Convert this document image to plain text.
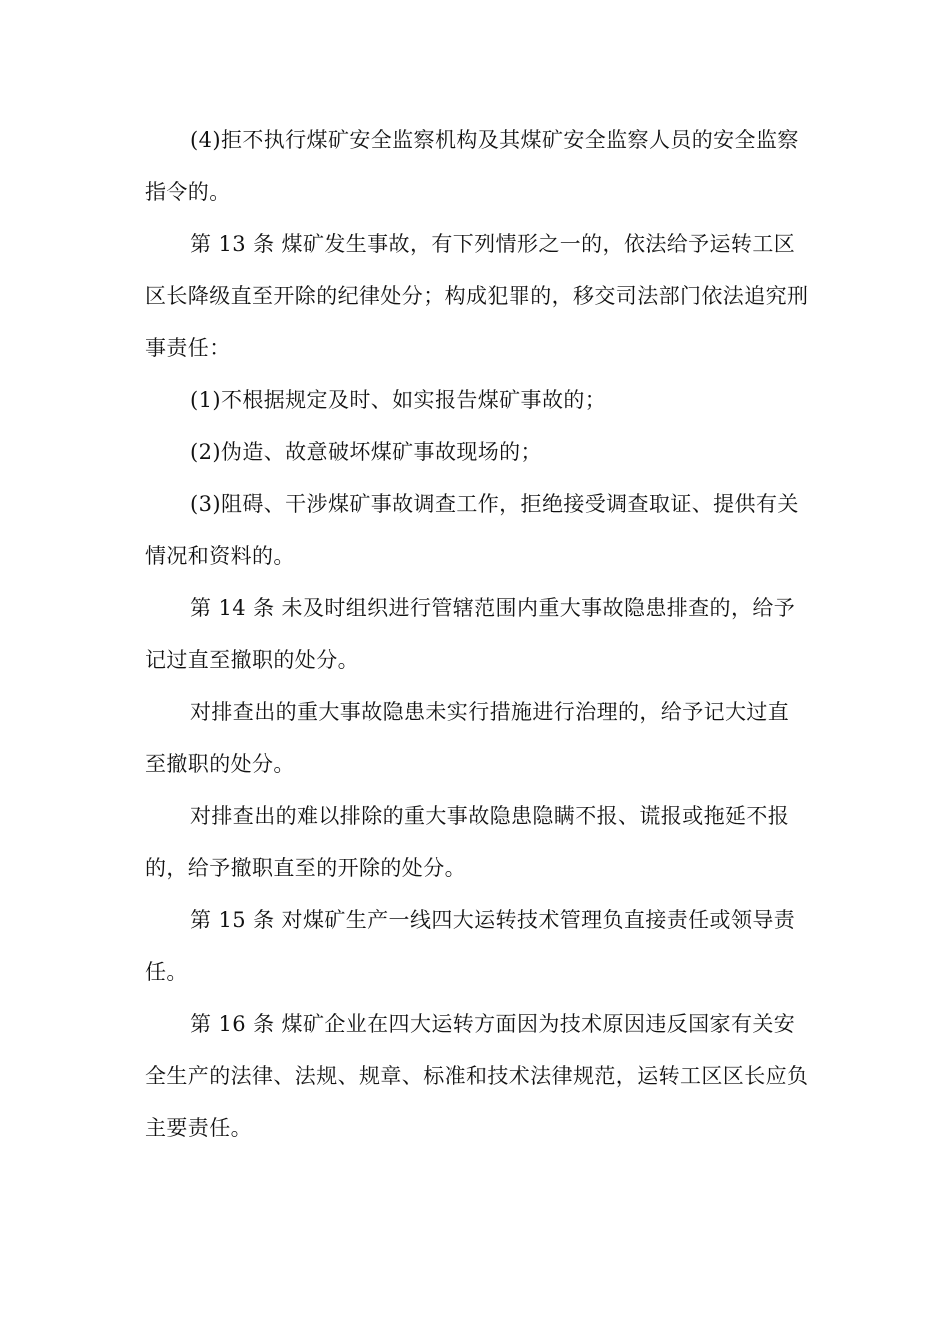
(4)拒不执行煤矿安全监察机构及其煤矿安全监察人员的安全监察指令的。

第 13 条 煤矿发生事故，有下列情形之一的，依法给予运转工区区长降级直至开除的纪律处分；构成犯罪的，移交司法部门依法追究刑事责任：

(1)不根据规定及时、如实报告煤矿事故的；

(2)伪造、故意破坏煤矿事故现场的；

(3)阻碍、干涉煤矿事故调查工作，拒绝接受调查取证、提供有关情况和资料的。

第 14 条 未及时组织进行管辖范围内重大事故隐患排查的，给予记过直至撤职的处分。

对排查出的重大事故隐患未实行措施进行治理的，给予记大过直至撤职的处分。

对排查出的难以排除的重大事故隐患隐瞒不报、谎报或拖延不报的，给予撤职直至的开除的处分。

第 15 条 对煤矿生产一线四大运转技术管理负直接责任或领导责任。

第 16 条 煤矿企业在四大运转方面因为技术原因违反国家有关安全生产的法律、法规、规章、标准和技术法律规范，运转工区区长应负主要责任。
